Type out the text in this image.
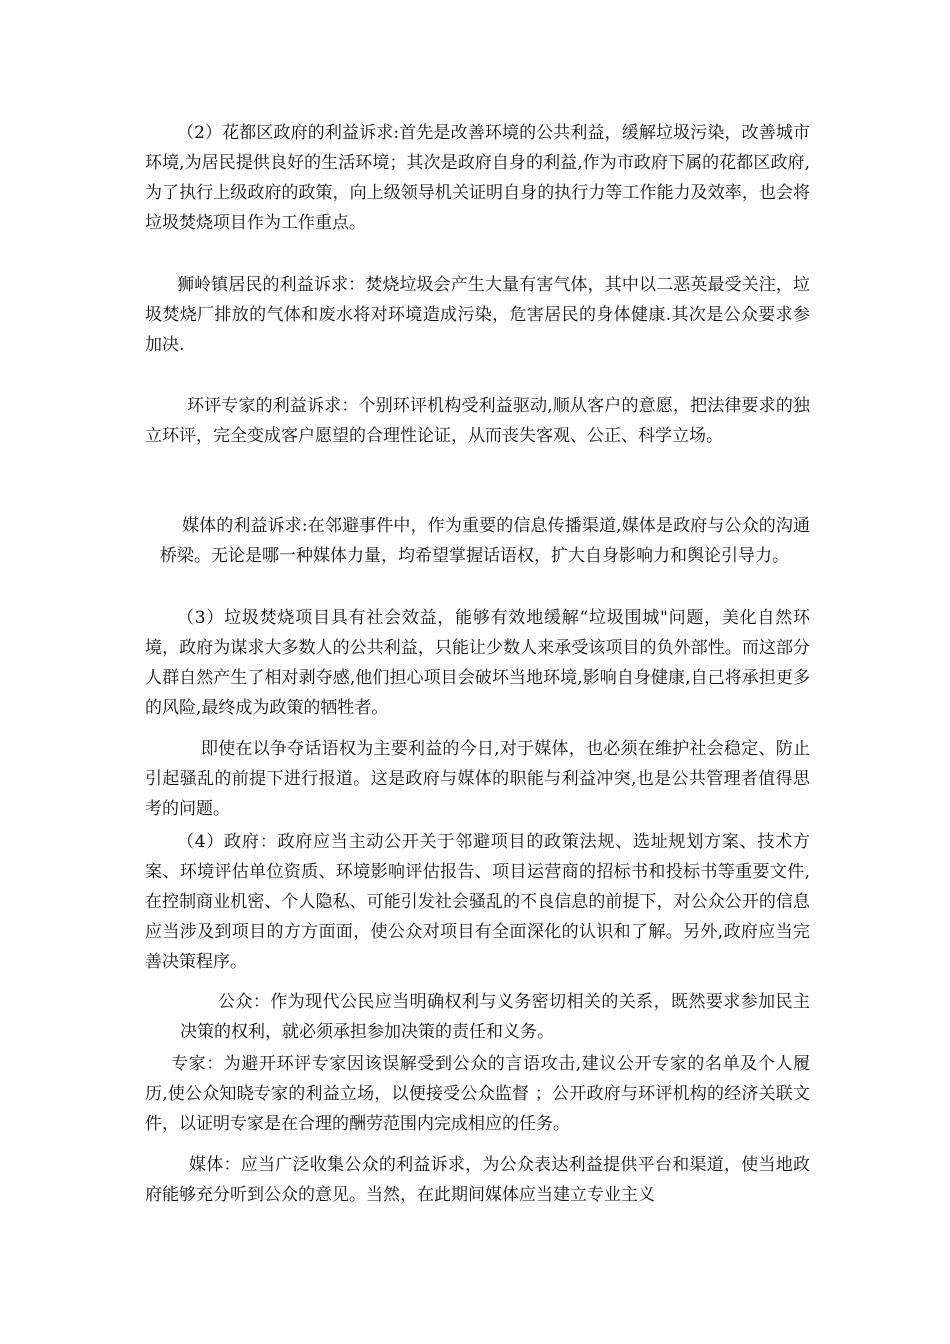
（2）花都区政府的利益诉求:首先是改善环境的公共利益，缓解垃圾污染，改善城市环境,为居民提供良好的生活环境；其次是政府自身的利益,作为市政府下属的花都区政府,为了执行上级政府的政策，向上级领导机关证明自身的执行力等工作能力及效率，也会将垃圾焚烧项目作为工作重点。

狮岭镇居民的利益诉求：焚烧垃圾会产生大量有害气体，其中以二恶英最受关注，垃圾焚烧厂排放的气体和废水将对环境造成污染，危害居民的身体健康.其次是公众要求参加决.

环评专家的利益诉求：个别环评机构受利益驱动,顺从客户的意愿，把法律要求的独立环评，完全变成客户愿望的合理性论证，从而丧失客观、公正、科学立场。

媒体的利益诉求:在邻避事件中，作为重要的信息传播渠道,媒体是政府与公众的沟通桥梁。无论是哪一种媒体力量，均希望掌握话语权，扩大自身影响力和舆论引导力。

（3）垃圾焚烧项目具有社会效益，能够有效地缓解“垃圾围城"问题，美化自然环境，政府为谋求大多数人的公共利益，只能让少数人来承受该项目的负外部性。而这部分人群自然产生了相对剥夺感,他们担心项目会破坏当地环境,影响自身健康,自己将承担更多的风险,最终成为政策的牺牲者。

即使在以争夺话语权为主要利益的今日,对于媒体，也必须在维护社会稳定、防止引起骚乱的前提下进行报道。这是政府与媒体的职能与利益冲突,也是公共管理者值得思考的问题。

（4）政府：政府应当主动公开关于邻避项目的政策法规、选址规划方案、技术方案、环境评估单位资质、环境影响评估报告、项目运营商的招标书和投标书等重要文件,在控制商业机密、个人隐私、可能引发社会骚乱的不良信息的前提下，对公众公开的信息应当涉及到项目的方方面面，使公众对项目有全面深化的认识和了解。另外,政府应当完善决策程序。

公众：作为现代公民应当明确权利与义务密切相关的关系，既然要求参加民主决策的权利，就必须承担参加决策的责任和义务。

专家：为避开环评专家因该误解受到公众的言语攻击,建议公开专家的名单及个人履历,使公众知晓专家的利益立场，以便接受公众监督 ；公开政府与环评机构的经济关联文件，以证明专家是在合理的酬劳范围内完成相应的任务。

媒体：应当广泛收集公众的利益诉求，为公众表达利益提供平台和渠道，使当地政府能够充分听到公众的意见。当然，在此期间媒体应当建立专业主义
